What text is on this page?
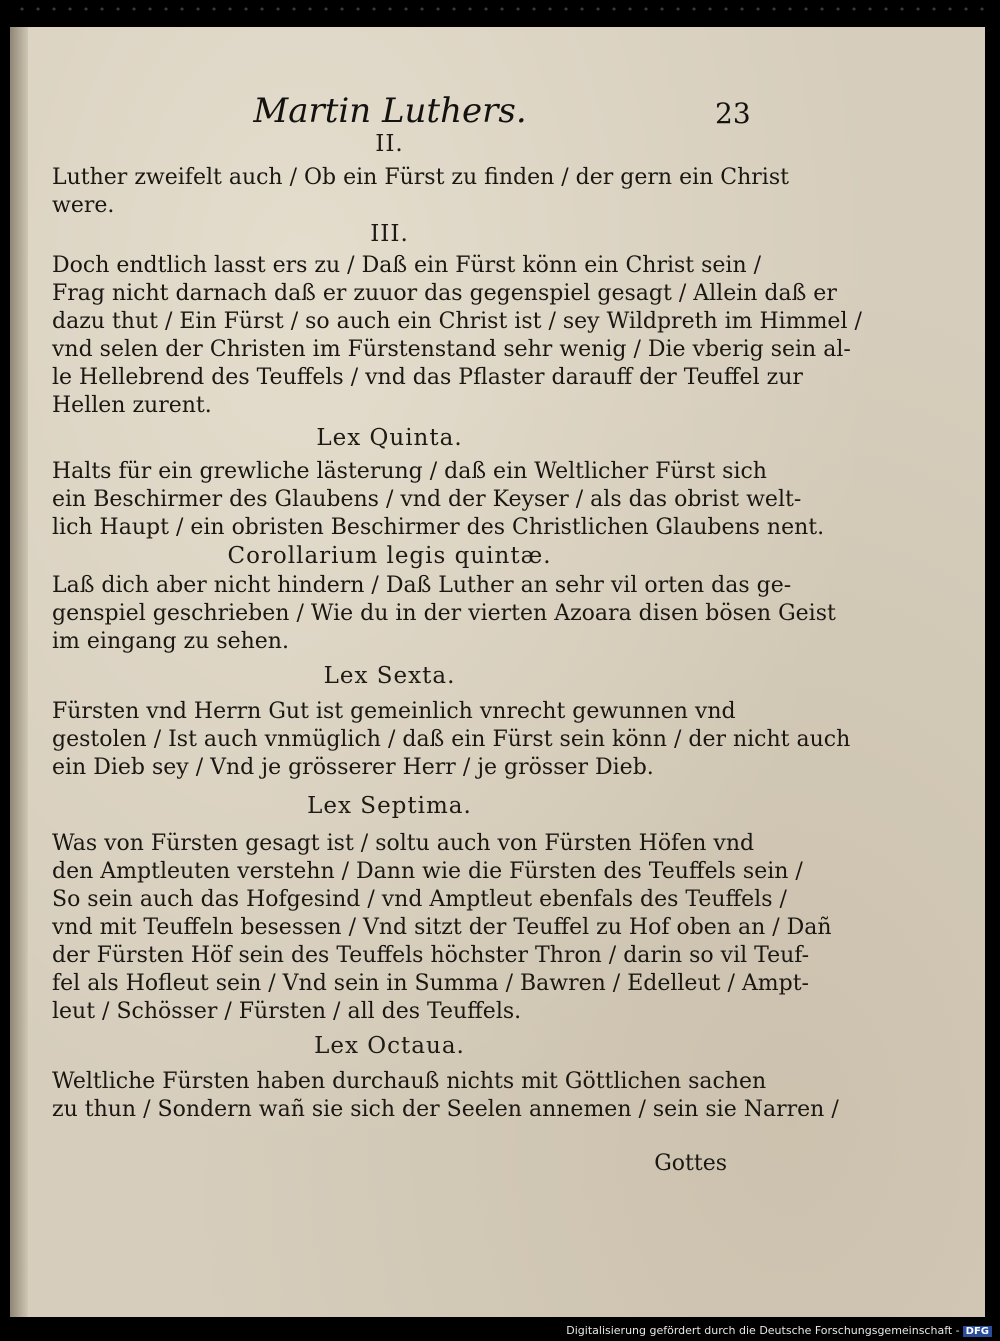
Martin Luthers.	23
II.
Luther zweifelt auch / Ob ein Fürst zu finden / der gern ein Christ
were.
III.
Doch endtlich lasst ers zu / Daß ein Fürst könn ein Christ sein /
Frag nicht darnach daß er zuuor das gegenspiel gesagt / Allein daß er
dazu thut / Ein Fürst / so auch ein Christ ist / sey Wildpreth im Himmel /
vnd selen der Christen im Fürstenstand sehr wenig / Die vberig sein al-
le Hellebrend des Teuffels / vnd das Pflaster darauff der Teuffel zur
Hellen zurent.
Lex Quinta.
Halts für ein grewliche lästerung / daß ein Weltlicher Fürst sich
ein Beschirmer des Glaubens / vnd der Keyser / als das obrist welt-
lich Haupt / ein obristen Beschirmer des Christlichen Glaubens nent.
Corollarium legis quintæ.
Laß dich aber nicht hindern / Daß Luther an sehr vil orten das ge-
genspiel geschrieben / Wie du in der vierten Azoara disen bösen Geist
im eingang zu sehen.
Lex Sexta.
Fürsten vnd Herrn Gut ist gemeinlich vnrecht gewunnen vnd
gestolen / Ist auch vnmüglich / daß ein Fürst sein könn / der nicht auch
ein Dieb sey / Vnd je grösserer Herr / je grösser Dieb.
Lex Septima.
Was von Fürsten gesagt ist / soltu auch von Fürsten Höfen vnd
den Amptleuten verstehn / Dann wie die Fürsten des Teuffels sein /
So sein auch das Hofgesind / vnd Amptleut ebenfals des Teuffels /
vnd mit Teuffeln besessen / Vnd sitzt der Teuffel zu Hof oben an / Dañ
der Fürsten Höf sein des Teuffels höchster Thron / darin so vil Teuf-
fel als Hofleut sein / Vnd sein in Summa / Bawren / Edelleut / Ampt-
leut / Schösser / Fürsten / all des Teuffels.
Lex Octaua.
Weltliche Fürsten haben durchauß nichts mit Göttlichen sachen
zu thun / Sondern wañ sie sich der Seelen annemen / sein sie Narren /
Gottes
Digitalisierung gefördert durch die Deutsche Forschungsgemeinschaft - DFG
